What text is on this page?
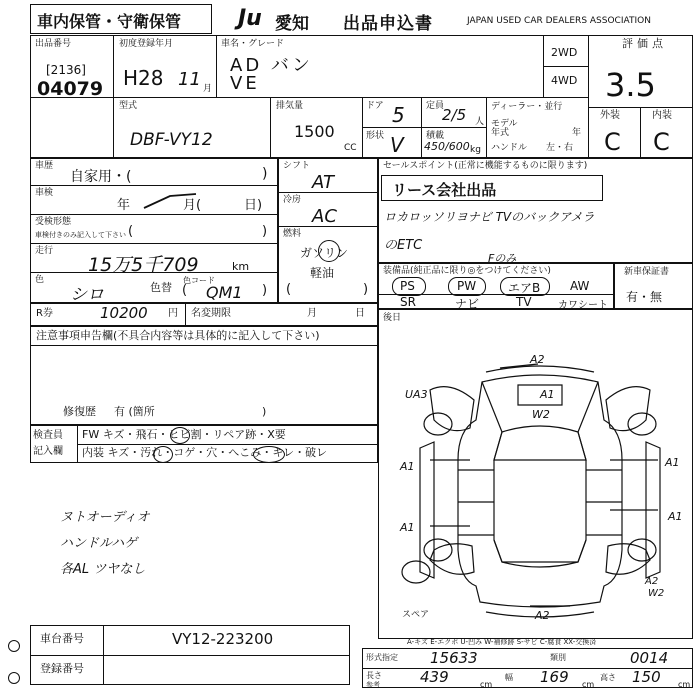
車内保管・守衛保管	Ju 愛知 出品申込書	JAPAN USED CAR DEALERS ASSOCIATION
出品番号
[2136]
04079
初度登録年月
H28 11 月
車名・グレード
AD バン
VE
2WD
4WD
評価点
3.5
外装	内装
C C
型式
DBF-VY12
排気量
1500
CC
ドア 5
形状 V
定員
2/5 人
積載
450/600 kg
ディーラー・並行
モデル
年式	年
ハンドル 左・右
車歴
自家用・(	)
車検
年	月(	日)
受検形態
車検付きのみ記入して下さい (	)
走行
15万5千709	km
色
シロ	色替
色コード
( QM1 )
シフト
AT
冷房
AC
燃料
ガソリン
軽油
(	)
セールスポイント(正常に機能するものに限ります)
リース会社出品
ロカロッソリヨナビ TVのバックアメラ
のETC
Fのみ
装備品(純正品に限り◎をつけてください)
PS	PW	エアB AW
SR	ナビ	TV	カワシート
新車保証書
有・無
R券	10200 円 名変期限	月	日 後日
注意事項申告欄(不具合内容等は具体的に記入して下さい)
修復歴 有 (箇所	)
検査員
記入欄
FW キズ・飛石・ヒビ割・リペア跡・X要
内装 キズ・汚れ・コゲ・穴・へこみ・キレ・破レ
ヌトオーディオ
ハンドルハゲ
各AL ツヤなし
A2
UA3	A1
W2
A1
A1
A1
A1
A2
W2
A2
スペア
A-キズ E-エクボ U-凹み W-補修跡 S-サビ C-腐食 XX-交換済
車台番号	VY12-223200
登録番号
形式指定 15633	類別	0014
長さ
参考	439	cm
幅 169 cm
高さ 150 cm
